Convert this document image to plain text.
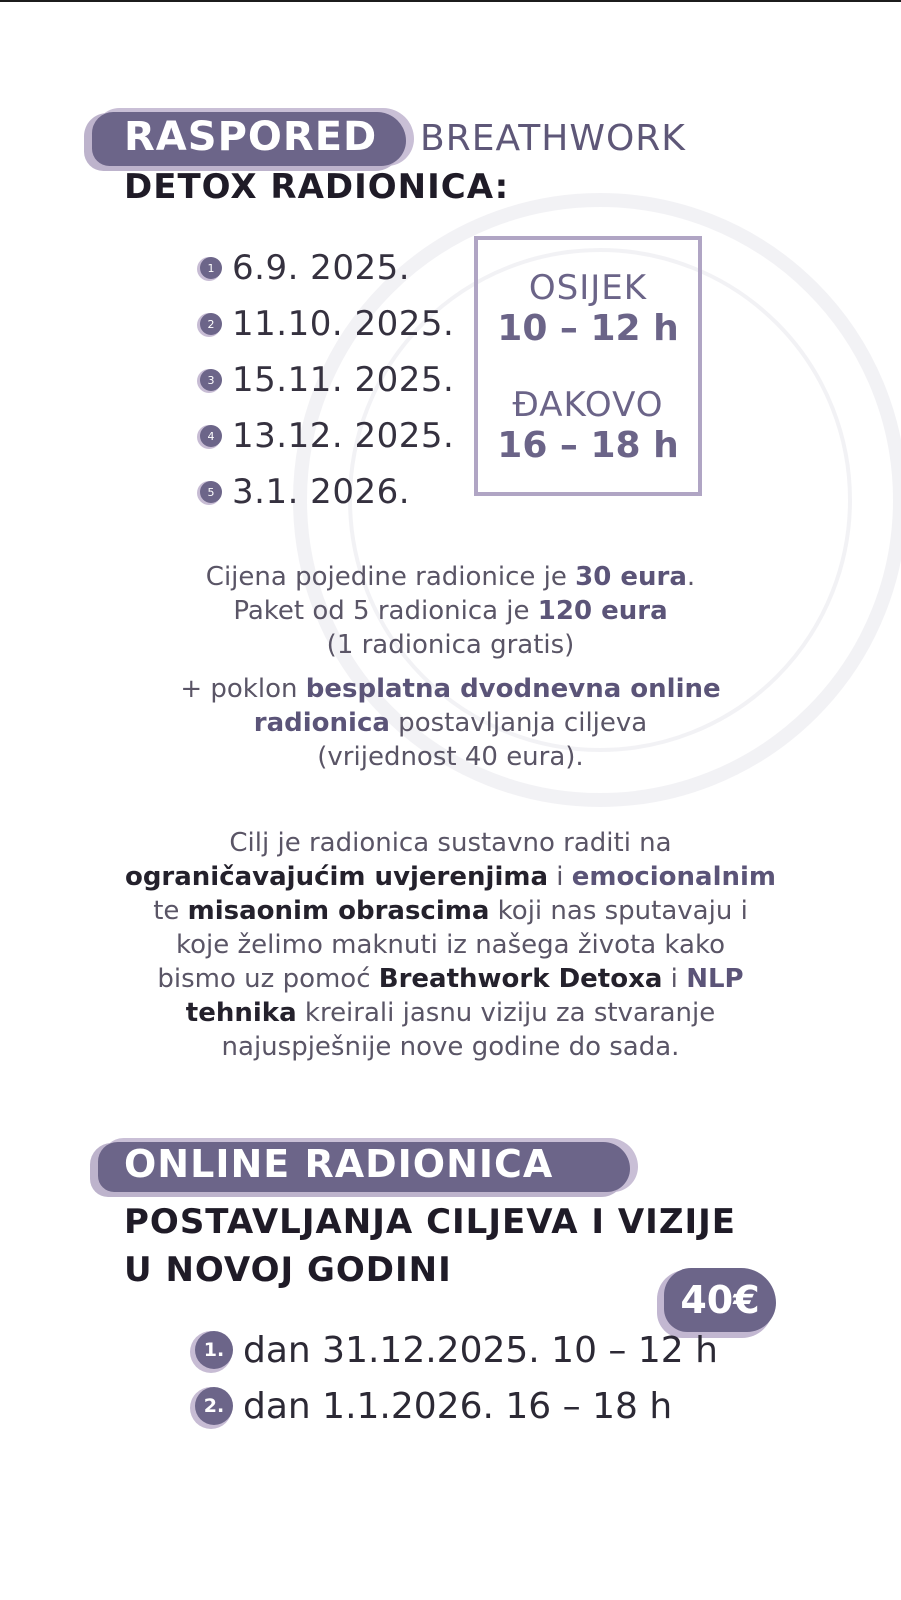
RASPORED BREATHWORK
DETOX RADIONICA:
1 6.9. 2025.
2 11.10. 2025.
3 15.11. 2025.
4 13.12. 2025.
5 3.1. 2026.
OSIJEK
10 – 12 h
ĐAKOVO
16 – 18 h
Cijena pojedine radionice je 30 eura.
Paket od 5 radionica je 120 eura
(1 radionica gratis)
+ poklon besplatna dvodnevna online
radionica postavljanja ciljeva
(vrijednost 40 eura).
Cilj je radionica sustavno raditi na
ograničavajućim uvjerenjima i emocionalnim
te misaonim obrascima koji nas sputavaju i
koje želimo maknuti iz našega života kako
bismo uz pomoć Breathwork Detoxa i NLP
tehnika kreirali jasnu viziju za stvaranje
najuspješnije nove godine do sada.
ONLINE RADIONICA
POSTAVLJANJA CILJEVA I VIZIJE
U NOVOJ GODINI
40€
1. dan 31.12.2025. 10 – 12 h
2. dan 1.1.2026. 16 – 18 h
